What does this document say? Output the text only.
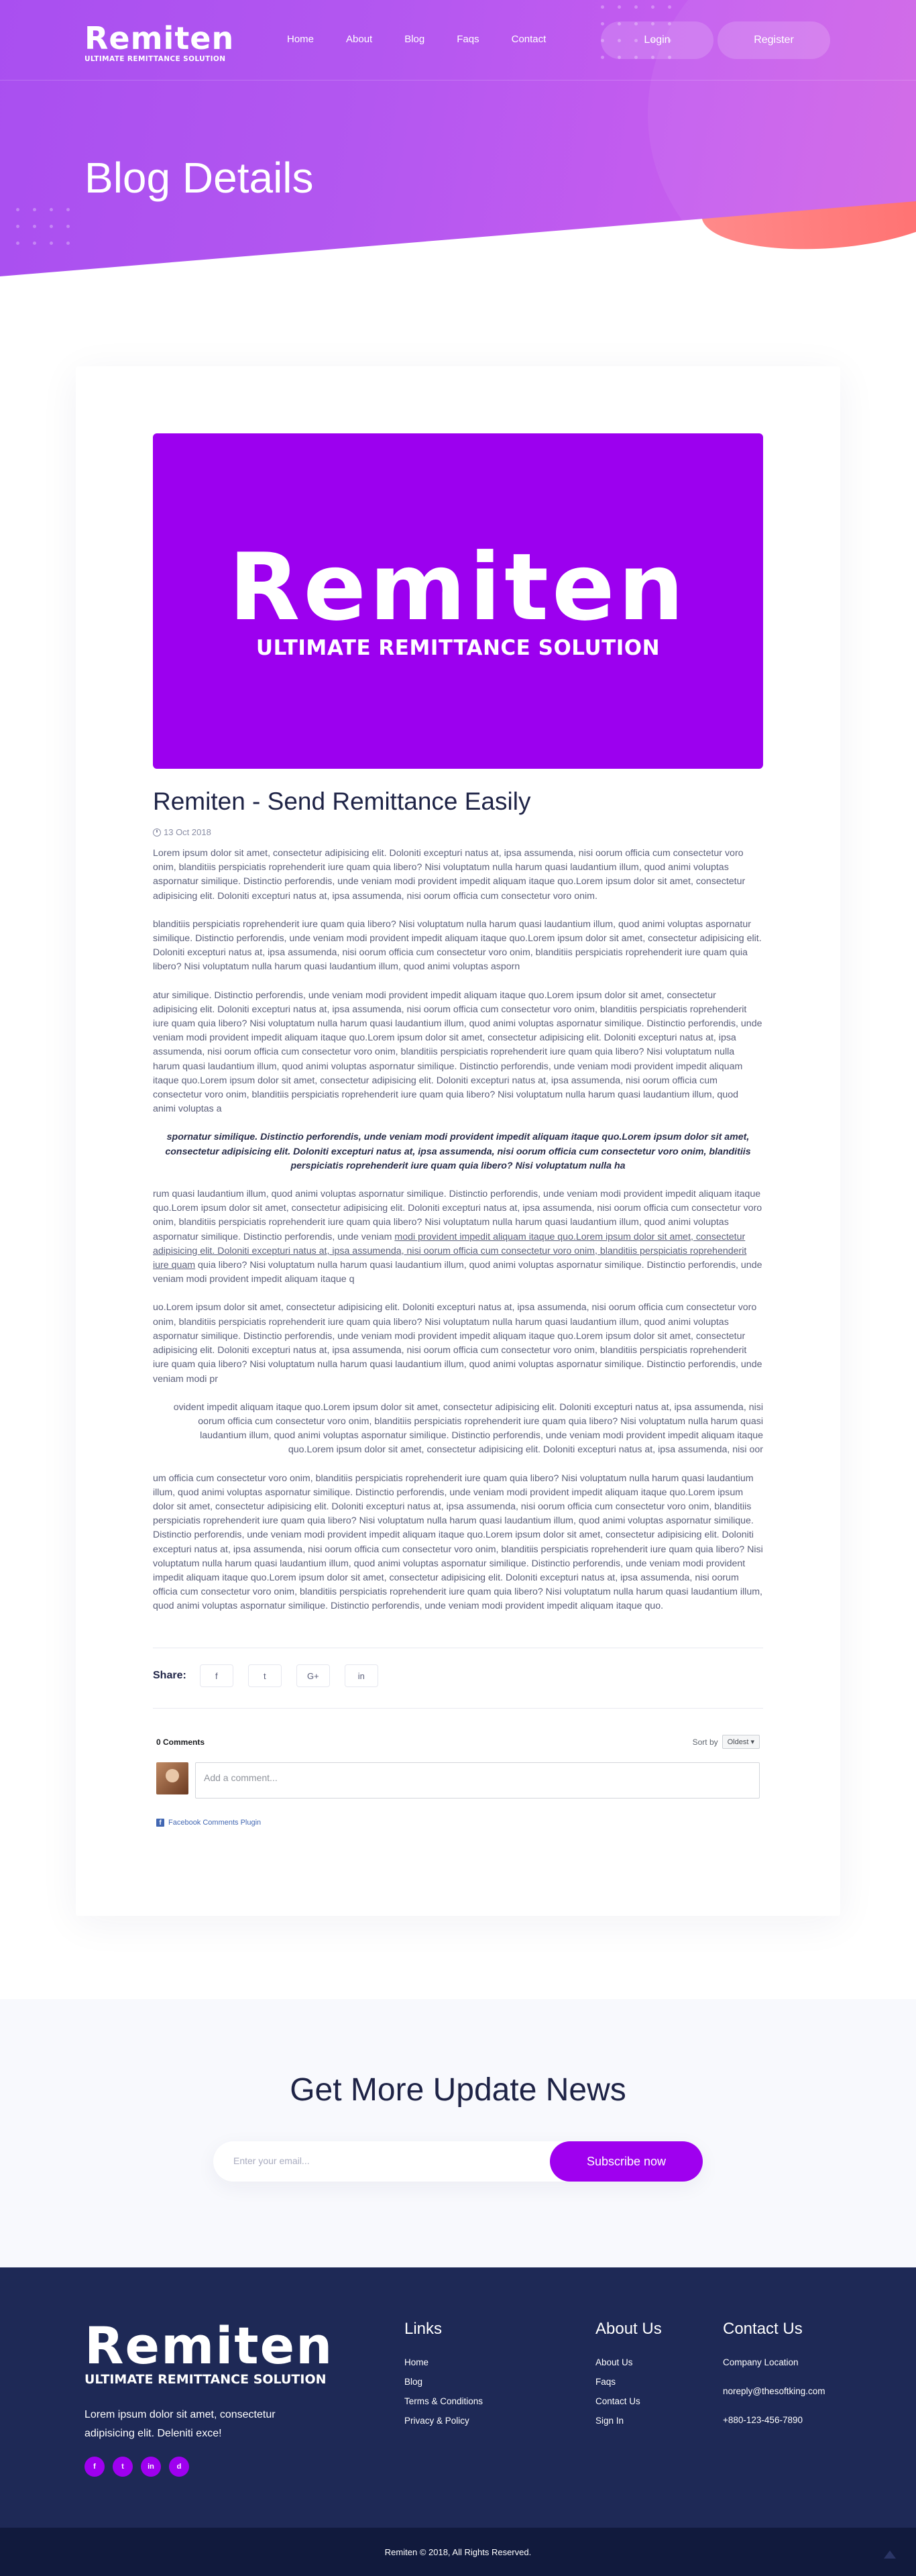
Remiten
ULTIMATE REMITTANCE SOLUTION
Home	About	Blog	Faqs	Contact	Login	Register
Blog Details
Remiten
ULTIMATE REMITTANCE SOLUTION
Remiten - Send Remittance Easily
13 Oct 2018

Lorem ipsum dolor sit amet, consectetur adipisicing elit. Doloniti excepturi natus at, ipsa assumenda, nisi oorum officia cum consectetur voro onim, blanditiis perspiciatis roprehenderit iure quam quia libero? Nisi voluptatum nulla harum quasi laudantium illum, quod animi voluptas aspornatur similique. Distinctio perforendis, unde veniam modi provident impedit aliquam itaque quo.Lorem ipsum dolor sit amet, consectetur adipisicing elit. Doloniti excepturi natus at, ipsa assumenda, nisi oorum officia cum consectetur voro onim.

blanditiis perspiciatis roprehenderit iure quam quia libero? Nisi voluptatum nulla harum quasi laudantium illum, quod animi voluptas aspornatur similique. Distinctio perforendis, unde veniam modi provident impedit aliquam itaque quo.Lorem ipsum dolor sit amet, consectetur adipisicing elit. Doloniti excepturi natus at, ipsa assumenda, nisi oorum officia cum consectetur voro onim, blanditiis perspiciatis roprehenderit iure quam quia libero? Nisi voluptatum nulla harum quasi laudantium illum, quod animi voluptas asporn

atur similique. Distinctio perforendis, unde veniam modi provident impedit aliquam itaque quo.Lorem ipsum dolor sit amet, consectetur adipisicing elit. Doloniti excepturi natus at, ipsa assumenda, nisi oorum officia cum consectetur voro onim, blanditiis perspiciatis roprehenderit iure quam quia libero? Nisi voluptatum nulla harum quasi laudantium illum, quod animi voluptas aspornatur similique. Distinctio perforendis, unde veniam modi provident impedit aliquam itaque quo.Lorem ipsum dolor sit amet, consectetur adipisicing elit. Doloniti excepturi natus at, ipsa assumenda, nisi oorum officia cum consectetur voro onim, blanditiis perspiciatis roprehenderit iure quam quia libero? Nisi voluptatum nulla harum quasi laudantium illum, quod animi voluptas aspornatur similique. Distinctio perforendis, unde veniam modi provident impedit aliquam itaque quo.Lorem ipsum dolor sit amet, consectetur adipisicing elit. Doloniti excepturi natus at, ipsa assumenda, nisi oorum officia cum consectetur voro onim, blanditiis perspiciatis roprehenderit iure quam quia libero? Nisi voluptatum nulla harum quasi laudantium illum, quod animi voluptas a

spornatur similique. Distinctio perforendis, unde veniam modi provident impedit aliquam itaque quo.Lorem ipsum dolor sit amet, consectetur adipisicing elit. Doloniti excepturi natus at, ipsa assumenda, nisi oorum officia cum consectetur voro onim, blanditiis perspiciatis roprehenderit iure quam quia libero? Nisi voluptatum nulla ha

rum quasi laudantium illum, quod animi voluptas aspornatur similique. Distinctio perforendis, unde veniam modi provident impedit aliquam itaque quo.Lorem ipsum dolor sit amet, consectetur adipisicing elit. Doloniti excepturi natus at, ipsa assumenda, nisi oorum officia cum consectetur voro onim, blanditiis perspiciatis roprehenderit iure quam quia libero? Nisi voluptatum nulla harum quasi laudantium illum, quod animi voluptas aspornatur similique. Distinctio perforendis, unde veniam modi provident impedit aliquam itaque quo.Lorem ipsum dolor sit amet, consectetur adipisicing elit. Doloniti excepturi natus at, ipsa assumenda, nisi oorum officia cum consectetur voro onim, blanditiis perspiciatis roprehenderit iure quam quia libero? Nisi voluptatum nulla harum quasi laudantium illum, quod animi voluptas aspornatur similique. Distinctio perforendis, unde veniam modi provident impedit aliquam itaque q

uo.Lorem ipsum dolor sit amet, consectetur adipisicing elit. Doloniti excepturi natus at, ipsa assumenda, nisi oorum officia cum consectetur voro onim, blanditiis perspiciatis roprehenderit iure quam quia libero? Nisi voluptatum nulla harum quasi laudantium illum, quod animi voluptas aspornatur similique. Distinctio perforendis, unde veniam modi provident impedit aliquam itaque quo.Lorem ipsum dolor sit amet, consectetur adipisicing elit. Doloniti excepturi natus at, ipsa assumenda, nisi oorum officia cum consectetur voro onim, blanditiis perspiciatis roprehenderit iure quam quia libero? Nisi voluptatum nulla harum quasi laudantium illum, quod animi voluptas aspornatur similique. Distinctio perforendis, unde veniam modi pr

ovident impedit aliquam itaque quo.Lorem ipsum dolor sit amet, consectetur adipisicing elit. Doloniti excepturi natus at, ipsa assumenda, nisi oorum officia cum consectetur voro onim, blanditiis perspiciatis roprehenderit iure quam quia libero? Nisi voluptatum nulla harum quasi laudantium illum, quod animi voluptas aspornatur similique. Distinctio perforendis, unde veniam modi provident impedit aliquam itaque quo.Lorem ipsum dolor sit amet, consectetur adipisicing elit. Doloniti excepturi natus at, ipsa assumenda, nisi oor

um officia cum consectetur voro onim, blanditiis perspiciatis roprehenderit iure quam quia libero? Nisi voluptatum nulla harum quasi laudantium illum, quod animi voluptas aspornatur similique. Distinctio perforendis, unde veniam modi provident impedit aliquam itaque quo.Lorem ipsum dolor sit amet, consectetur adipisicing elit. Doloniti excepturi natus at, ipsa assumenda, nisi oorum officia cum consectetur voro onim, blanditiis perspiciatis roprehenderit iure quam quia libero? Nisi voluptatum nulla harum quasi laudantium illum, quod animi voluptas aspornatur similique. Distinctio perforendis, unde veniam modi provident impedit aliquam itaque quo.Lorem ipsum dolor sit amet, consectetur adipisicing elit. Doloniti excepturi natus at, ipsa assumenda, nisi oorum officia cum consectetur voro onim, blanditiis perspiciatis roprehenderit iure quam quia libero? Nisi voluptatum nulla harum quasi laudantium illum, quod animi voluptas aspornatur similique. Distinctio perforendis, unde veniam modi provident impedit aliquam itaque quo.Lorem ipsum dolor sit amet, consectetur adipisicing elit. Doloniti excepturi natus at, ipsa assumenda, nisi oorum officia cum consectetur voro onim, blanditiis perspiciatis roprehenderit iure quam quia libero? Nisi voluptatum nulla harum quasi laudantium illum, quod animi voluptas aspornatur similique. Distinctio perforendis, unde veniam modi provident impedit aliquam itaque quo.

Share:	f	t	G+	in
0 Comments	Sort by	Oldest ▾
Add a comment...
f Facebook Comments Plugin
Get More Update News
Enter your email...	Subscribe now
Remiten
ULTIMATE REMITTANCE SOLUTION

Lorem ipsum dolor sit amet, consectetur adipisicing elit. Deleniti exce!

f	t	in	d
Links
Home
Blog
Terms & Conditions
Privacy & Policy
About Us
About Us
Faqs
Contact Us
Sign In
Contact Us
Company Location
noreply@thesoftking.com
+880-123-456-7890
Remiten © 2018, All Rights Reserved.
